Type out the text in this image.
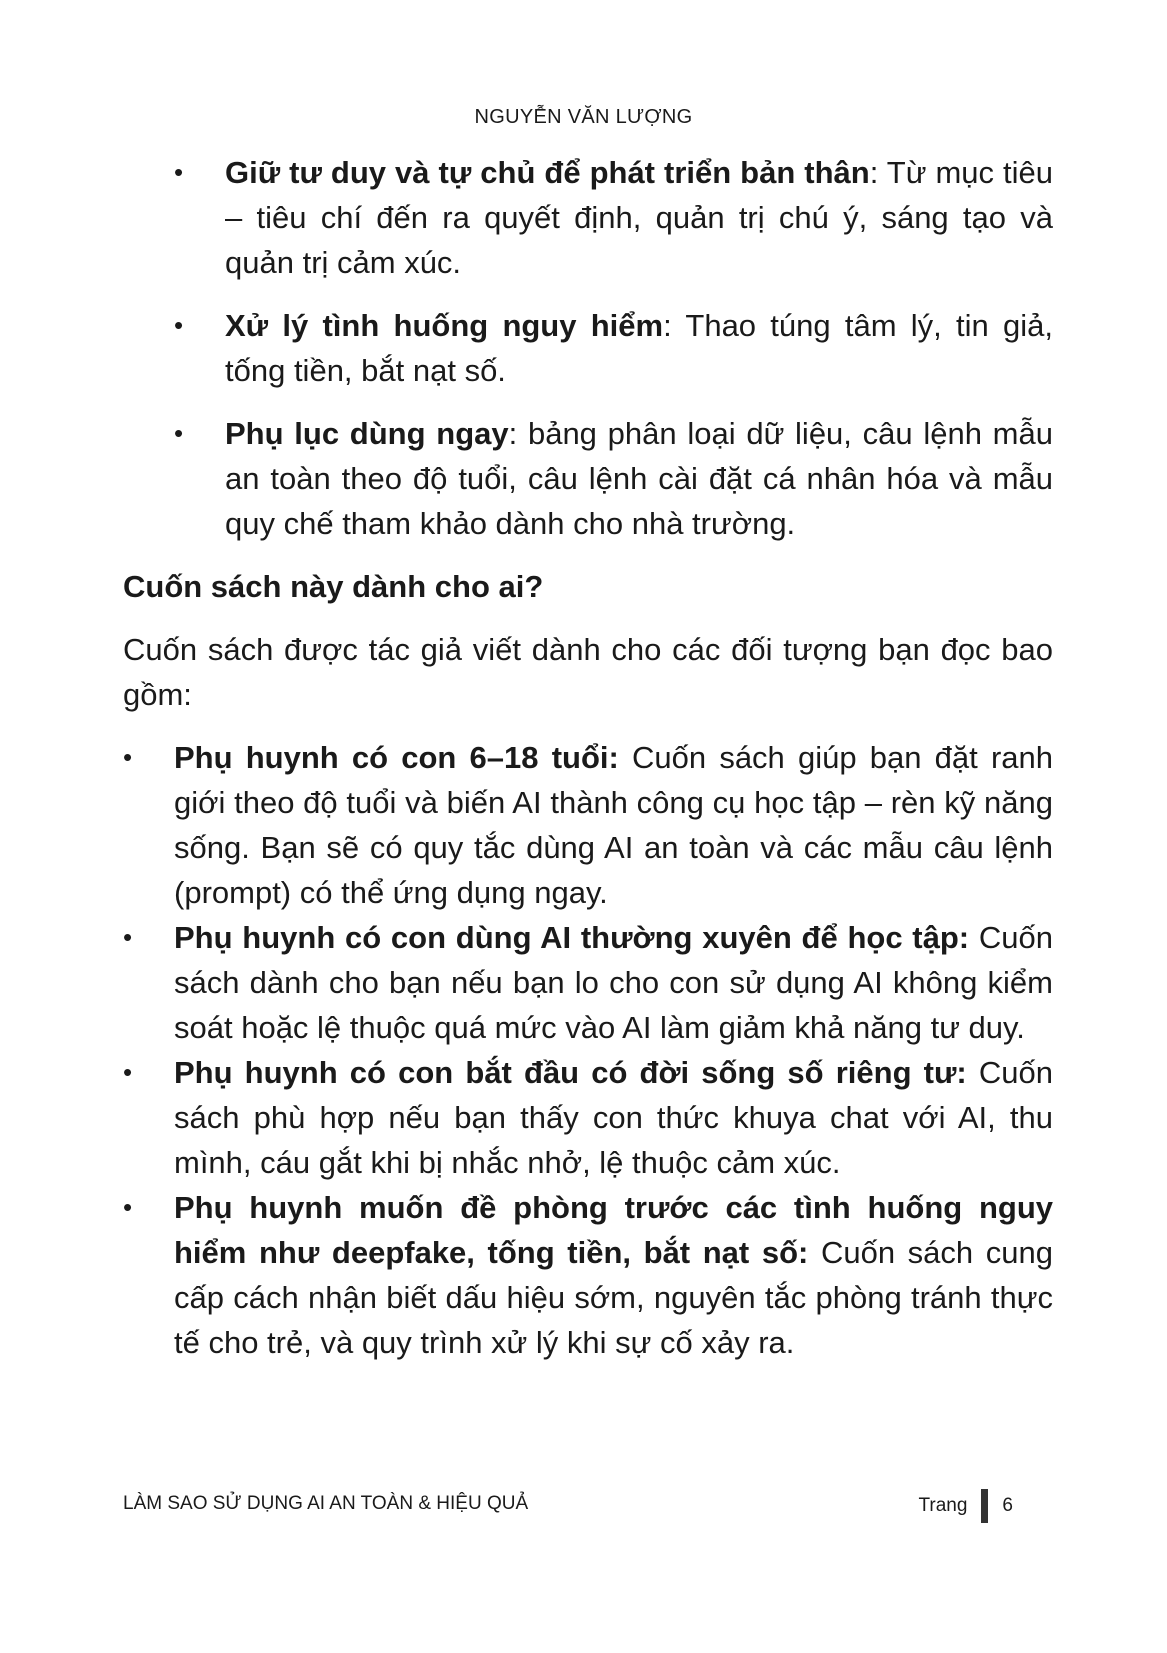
NGUYỄN VĂN LƯỢNG
• Giữ tư duy và tự chủ để phát triển bản thân: Từ mục tiêu – tiêu chí đến ra quyết định, quản trị chú ý, sáng tạo và quản trị cảm xúc.
• Xử lý tình huống nguy hiểm: Thao túng tâm lý, tin giả, tống tiền, bắt nạt số.
• Phụ lục dùng ngay: bảng phân loại dữ liệu, câu lệnh mẫu an toàn theo độ tuổi, câu lệnh cài đặt cá nhân hóa và mẫu quy chế tham khảo dành cho nhà trường.
Cuốn sách này dành cho ai?
Cuốn sách được tác giả viết dành cho các đối tượng bạn đọc bao gồm:
• Phụ huynh có con 6–18 tuổi: Cuốn sách giúp bạn đặt ranh giới theo độ tuổi và biến AI thành công cụ học tập – rèn kỹ năng sống. Bạn sẽ có quy tắc dùng AI an toàn và các mẫu câu lệnh (prompt) có thể ứng dụng ngay.
• Phụ huynh có con dùng AI thường xuyên để học tập: Cuốn sách dành cho bạn nếu bạn lo cho con sử dụng AI không kiểm soát hoặc lệ thuộc quá mức vào AI làm giảm khả năng tư duy.
• Phụ huynh có con bắt đầu có đời sống số riêng tư: Cuốn sách phù hợp nếu bạn thấy con thức khuya chat với AI, thu mình, cáu gắt khi bị nhắc nhở, lệ thuộc cảm xúc.
• Phụ huynh muốn đề phòng trước các tình huống nguy hiểm như deepfake, tống tiền, bắt nạt số: Cuốn sách cung cấp cách nhận biết dấu hiệu sớm, nguyên tắc phòng tránh thực tế cho trẻ, và quy trình xử lý khi sự cố xảy ra.
LÀM SAO SỬ DỤNG AI AN TOÀN & HIỆU QUẢ	Trang 6
